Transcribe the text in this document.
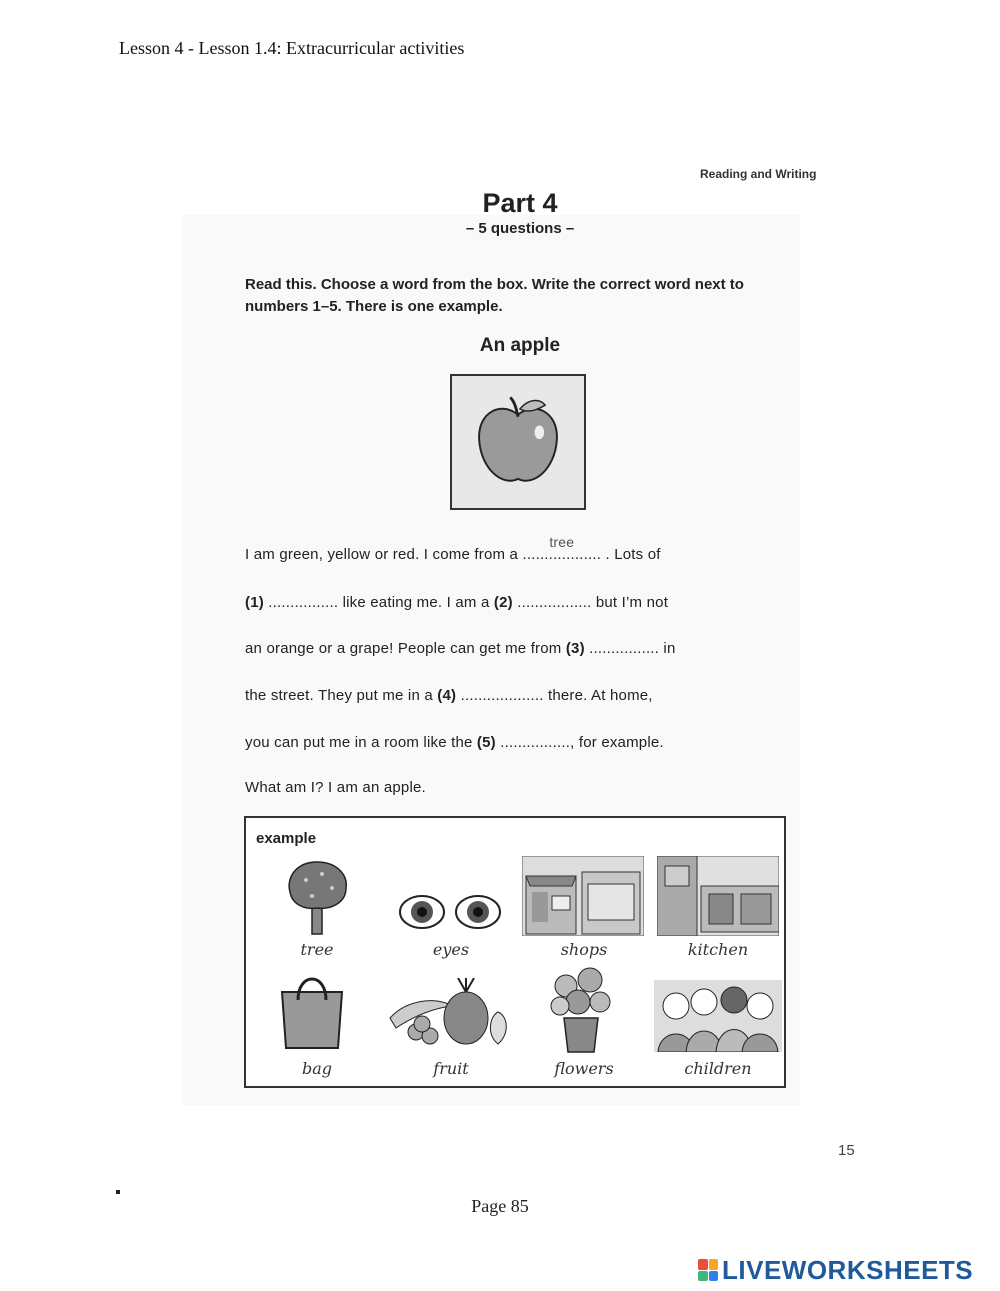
Lesson 4 - Lesson 1.4: Extracurricular activities
Reading and Writing
Part 4
– 5 questions –
Read this. Choose a word from the box. Write the correct word next to numbers 1–5. There is one example.
An apple
I am green, yellow or red. I come from a ..................
tree
. Lots of
(1) ................ like eating me. I am a (2) ................. but I’m not
an orange or a grape! People can get me from (3) ................ in
the street. They put me in a (4) ................... there. At home,
you can put me in a room like the (5) ................, for example.
What am I? I am an apple.
example
tree	eyes	shops	kitchen
bag	fruit	flowers	children
15
Page 85
LIVEWORKSHEETS
